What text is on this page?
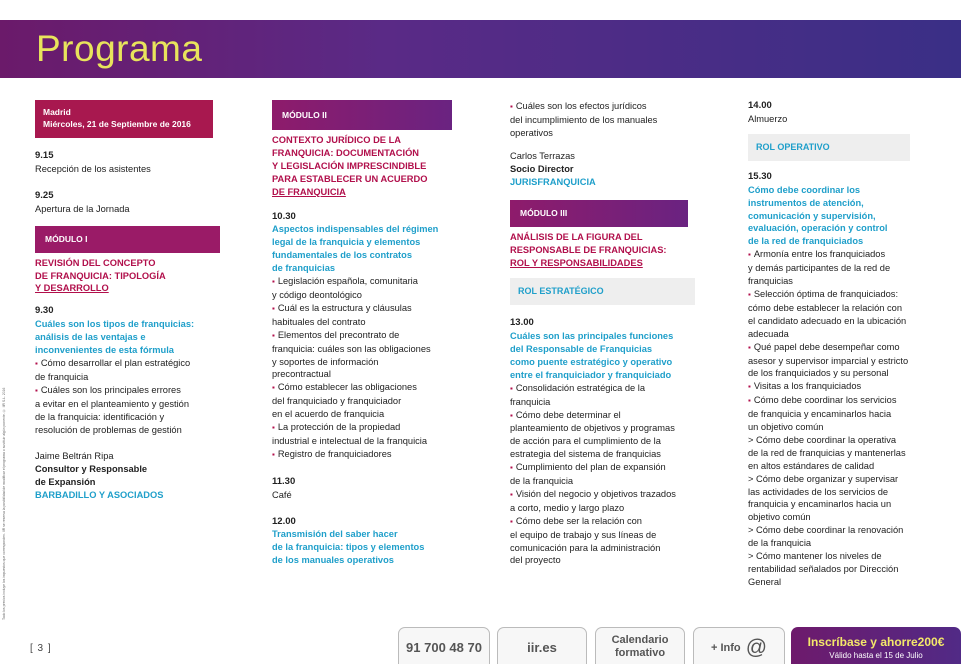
Programa
Todo los precios incluye los impuestos que corresponden. IIR se reserva la posibilidad de modificar el programa o sustituir algún ponente. © IIR S.L. 2016
Madrid
Miércoles, 21 de Septiembre de 2016
9.15
Recepción de los asistentes
9.25
Apertura de la Jornada
MÓDULO I
REVISIÓN DEL CONCEPTO
DE FRANQUICIA: TIPOLOGÍA
Y DESARROLLO
9.30
Cuáles son los tipos de franquicias:
análisis de las ventajas e
inconvenientes de esta fórmula
▪ Cómo desarrollar el plan estratégico
de franquicia
▪ Cuáles son los principales errores
a evitar en el planteamiento y gestión
de la franquicia: identificación y
resolución de problemas de gestión
Jaime Beltrán Ripa
Consultor y Responsable
de Expansión
BARBADILLO Y ASOCIADOS
MÓDULO II
CONTEXTO JURÍDICO DE LA
FRANQUICIA: DOCUMENTACIÓN
Y LEGISLACIÓN IMPRESCINDIBLE
PARA ESTABLECER UN ACUERDO
DE FRANQUICIA
10.30
Aspectos indispensables del régimen
legal de la franquicia y elementos
fundamentales de los contratos
de franquicias
▪ Legislación española, comunitaria
y código deontológico
▪ Cuál es la estructura y cláusulas
habituales del contrato
▪ Elementos del precontrato de
franquicia: cuáles son las obligaciones
y soportes de información
precontractual
▪ Cómo establecer las obligaciones
del franquiciado y franquiciador
en el acuerdo de franquicia
▪ La protección de la propiedad
industrial e intelectual de la franquicia
▪ Registro de franquiciadores
11.30
Café
12.00
Transmisión del saber hacer
de la franquicia: tipos y elementos
de los manuales operativos
▪ Cuáles son los efectos jurídicos
del incumplimiento de los manuales
operativos
Carlos Terrazas
Socio Director
JURISFRANQUICIA
MÓDULO III
ANÁLISIS DE LA FIGURA DEL
RESPONSABLE DE FRANQUICIAS:
ROL Y RESPONSABILIDADES
ROL ESTRATÉGICO
13.00
Cuáles son las principales funciones
del Responsable de Franquicias
como puente estratégico y operativo
entre el franquiciador y franquiciado
▪ Consolidación estratégica de la
franquicia
▪ Cómo debe determinar el
planteamiento de objetivos y programas
de acción para el cumplimiento de la
estrategia del sistema de franquicias
▪ Cumplimiento del plan de expansión
de la franquicia
▪ Visión del negocio y objetivos trazados
a corto, medio y largo plazo
▪ Cómo debe ser la relación con
el equipo de trabajo y sus líneas de
comunicación para la administración
del proyecto
14.00
Almuerzo
ROL OPERATIVO
15.30
Cómo debe coordinar los
instrumentos de atención,
comunicación y supervisión,
evaluación, operación y control
de la red de franquiciados
▪ Armonía entre los franquiciados
y demás participantes de la red de
franquicias
▪ Selección óptima de franquiciados:
cómo debe establecer la relación con
el candidato adecuado en la ubicación
adecuada
▪ Qué papel debe desempeñar como
asesor y supervisor imparcial y estricto
de los franquiciados y su personal
▪ Visitas a los franquiciados
▪ Cómo debe coordinar los servicios
de franquicia y encaminarlos hacia
un objetivo común
> Cómo debe coordinar la operativa
de la red de franquicias y mantenerlas
en altos estándares de calidad
> Cómo debe organizar y supervisar
las actividades de los servicios de
franquicia y encaminarlos hacia un
objetivo común
> Cómo debe coordinar la renovación
de la franquicia
> Cómo mantener los niveles de
rentabilidad señalados por Dirección
General
[ 3 ]	91 700 48 70	iir.es	Calendario
formativo	+ Info @	Inscríbase y ahorre200€
Válido hasta el 15 de Julio
